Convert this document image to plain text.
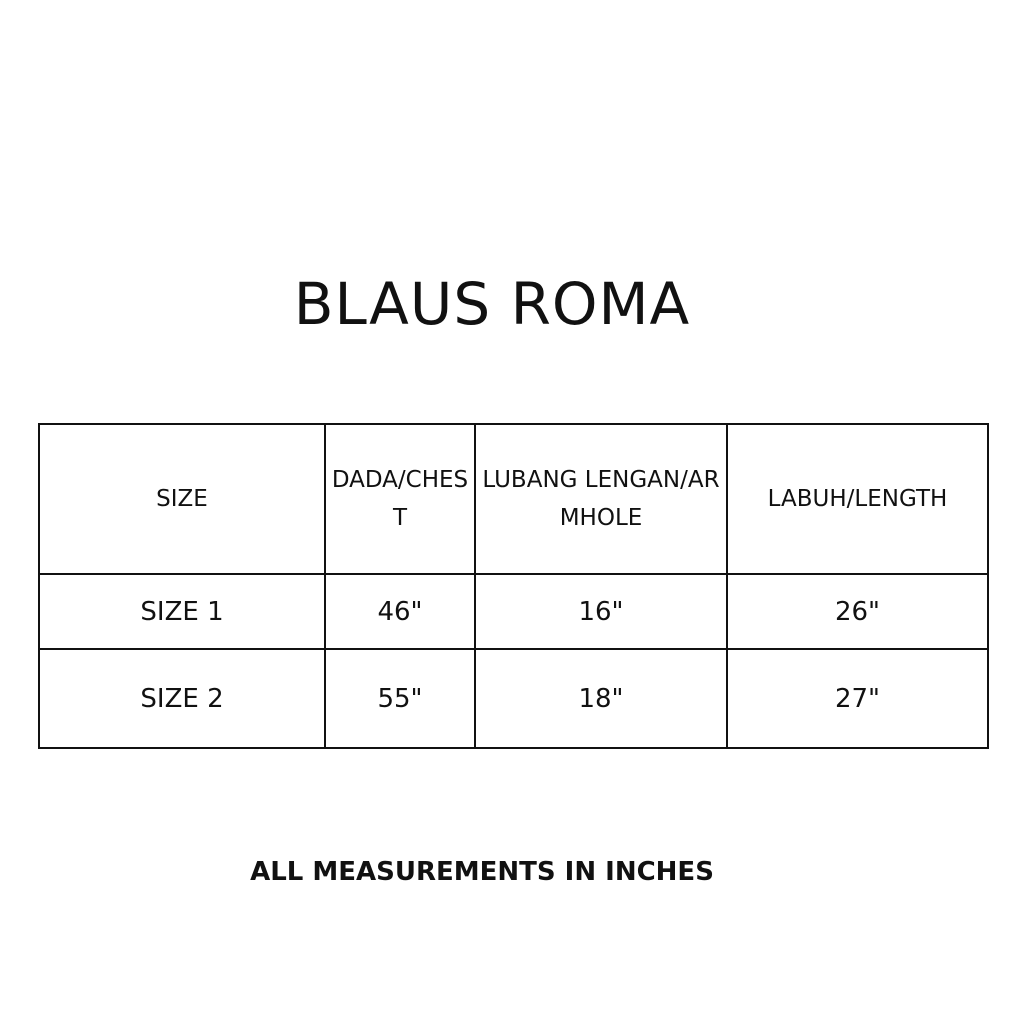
BLAUS ROMA
SIZE	DADA/CHEST	LUBANG LENGAN/ARMHOLE	LABUH/LENGTH
SIZE 1	46"	16"	26"
SIZE 2	55"	18"	27"
ALL MEASUREMENTS IN INCHES
